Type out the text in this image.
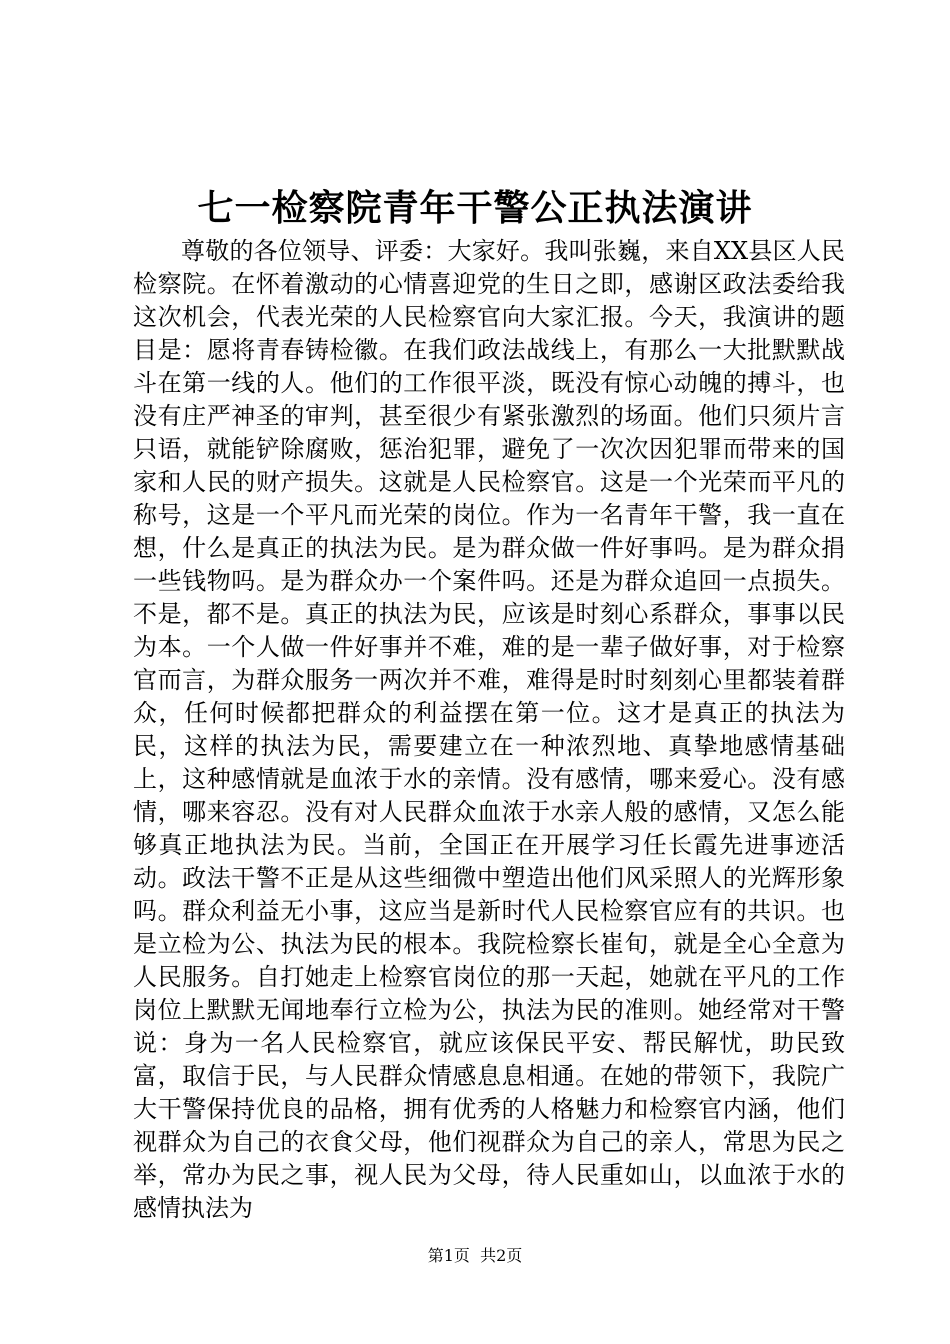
七一检察院青年干警公正执法演讲

尊敬的各位领导、评委：大家好。我叫张巍，来自XX县区人民检察院。在怀着激动的心情喜迎党的生日之即，感谢区政法委给我这次机会，代表光荣的人民检察官向大家汇报。今天，我演讲的题目是：愿将青春铸检徽。在我们政法战线上，有那么一大批默默战斗在第一线的人。他们的工作很平淡，既没有惊心动魄的搏斗，也没有庄严神圣的审判，甚至很少有紧张激烈的场面。他们只须片言只语，就能铲除腐败，惩治犯罪，避免了一次次因犯罪而带来的国家和人民的财产损失。这就是人民检察官。这是一个光荣而平凡的称号，这是一个平凡而光荣的岗位。作为一名青年干警，我一直在想，什么是真正的执法为民。是为群众做一件好事吗。是为群众捐一些钱物吗。是为群众办一个案件吗。还是为群众追回一点损失。不是，都不是。真正的执法为民，应该是时刻心系群众，事事以民为本。一个人做一件好事并不难，难的是一辈子做好事，对于检察官而言，为群众服务一两次并不难，难得是时时刻刻心里都装着群众，任何时候都把群众的利益摆在第一位。这才是真正的执法为民，这样的执法为民，需要建立在一种浓烈地、真挚地感情基础上，这种感情就是血浓于水的亲情。没有感情，哪来爱心。没有感情，哪来容忍。没有对人民群众血浓于水亲人般的感情，又怎么能够真正地执法为民。当前，全国正在开展学习任长霞先进事迹活动。政法干警不正是从这些细微中塑造出他们风采照人的光辉形象吗。群众利益无小事，这应当是新时代人民检察官应有的共识。也是立检为公、执法为民的根本。我院检察长崔旬，就是全心全意为人民服务。自打她走上检察官岗位的那一天起，她就在平凡的工作岗位上默默无闻地奉行立检为公，执法为民的准则。她经常对干警说：身为一名人民检察官，就应该保民平安、帮民解忧，助民致富，取信于民，与人民群众情感息息相通。在她的带领下，我院广大干警保持优良的品格，拥有优秀的人格魅力和检察官内涵，他们视群众为自己的衣食父母，他们视群众为自己的亲人，常思为民之举，常办为民之事，视人民为父母，待人民重如山，以血浓于水的感情执法为

第1页 共2页
